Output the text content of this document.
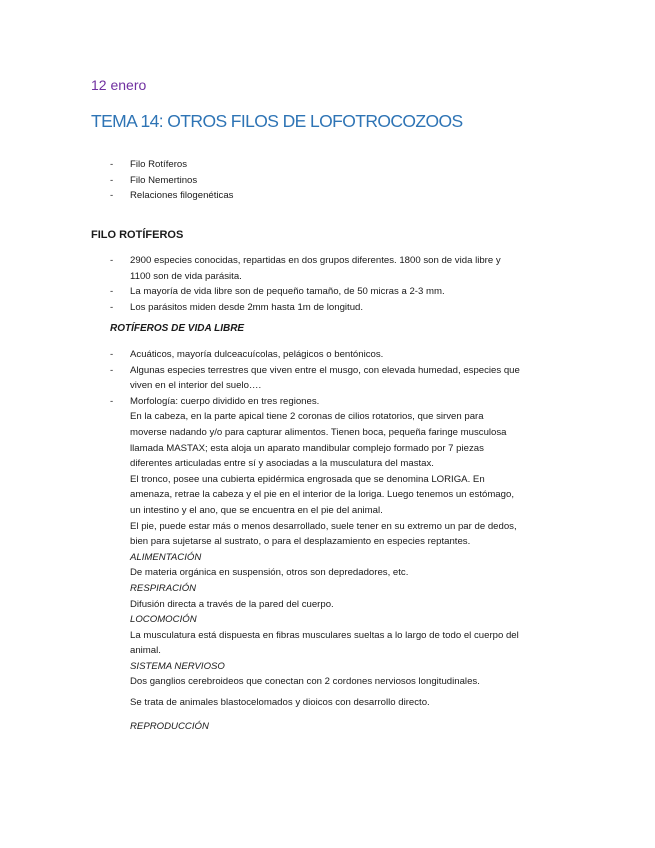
12 enero
TEMA 14: OTROS FILOS DE LOFOTROCOZOOS
- Filo Rotíferos
- Filo Nemertinos
- Relaciones filogenéticas
FILO ROTÍFEROS
- 2900 especies conocidas, repartidas en dos grupos diferentes. 1800 son de vida libre y
1100 son de vida parásita.
- La mayoría de vida libre son de pequeño tamaño, de 50 micras a 2-3 mm.
- Los parásitos miden desde 2mm hasta 1m de longitud.
ROTÍFEROS DE VIDA LIBRE
- Acuáticos, mayoría dulceacuícolas, pelágicos o bentónicos.
- Algunas especies terrestres que viven entre el musgo, con elevada humedad, especies que
viven en el interior del suelo….
- Morfología: cuerpo dividido en tres regiones.
En la cabeza, en la parte apical tiene 2 coronas de cilios rotatorios, que sirven para
moverse nadando y/o para capturar alimentos. Tienen boca, pequeña faringe musculosa
llamada MASTAX; esta aloja un aparato mandibular complejo formado por 7 piezas
diferentes articuladas entre sí y asociadas a la musculatura del mastax.
El tronco, posee una cubierta epidérmica engrosada que se denomina LORIGA. En
amenaza, retrae la cabeza y el pie en el interior de la loriga. Luego tenemos un estómago,
un intestino y el ano, que se encuentra en el pie del animal.
El pie, puede estar más o menos desarrollado, suele tener en su extremo un par de dedos,
bien para sujetarse al sustrato, o para el desplazamiento en especies reptantes.
ALIMENTACIÓN
De materia orgánica en suspensión, otros son depredadores, etc.
RESPIRACIÓN
Difusión directa a través de la pared del cuerpo.
LOCOMOCIÓN
La musculatura está dispuesta en fibras musculares sueltas a lo largo de todo el cuerpo del
animal.
SISTEMA NERVIOSO
Dos ganglios cerebroideos que conectan con 2 cordones nerviosos longitudinales.
Se trata de animales blastocelomados y dioicos con desarrollo directo.
REPRODUCCIÓN
